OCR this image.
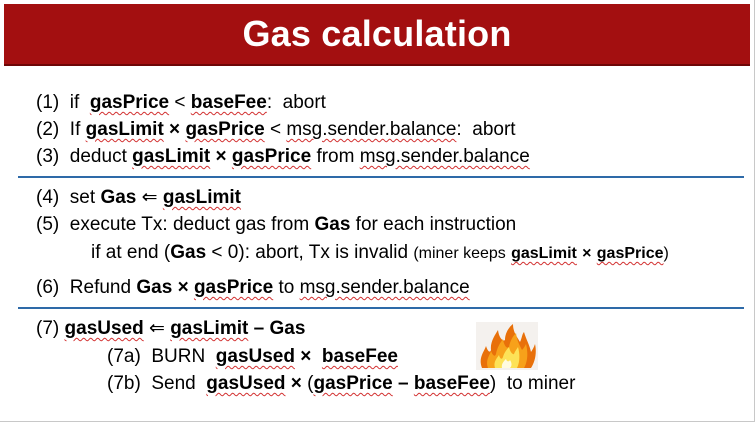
Gas calculation
(1) if gasPrice < baseFee: abort
(2) If gasLimit × gasPrice < msg.sender.balance: abort
(3) deduct gasLimit × gasPrice from msg.sender.balance
(4) set Gas ⇐ gasLimit
(5) execute Tx: deduct gas from Gas for each instruction
if at end (Gas < 0): abort, Tx is invalid (miner keeps gasLimit × gasPrice)
(6) Refund Gas × gasPrice to msg.sender.balance
(7) gasUsed ⇐ gasLimit – Gas
(7a) BURN gasUsed × baseFee
(7b) Send gasUsed × (gasPrice – baseFee) to miner
